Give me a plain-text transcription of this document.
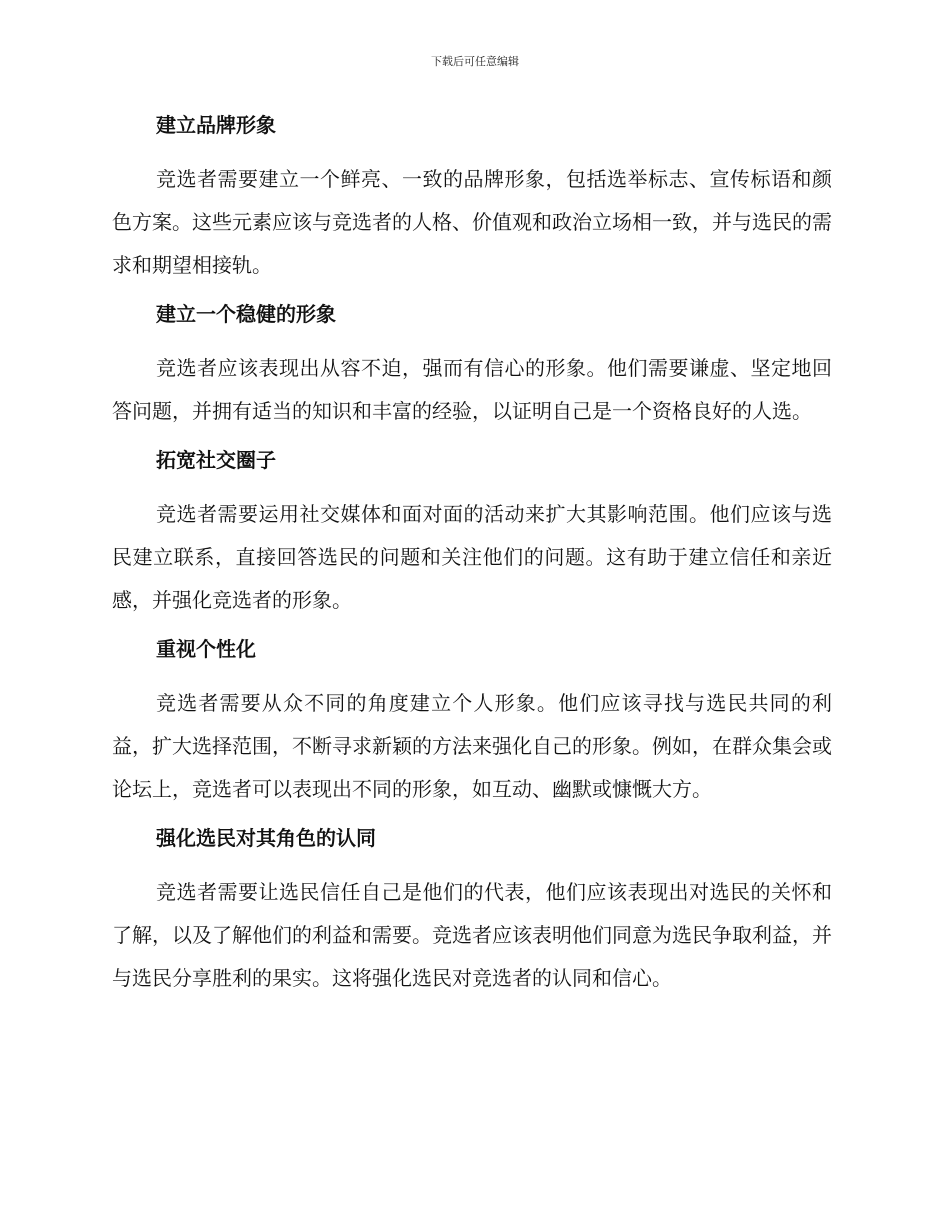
下载后可任意编辑
建立品牌形象

竞选者需要建立一个鲜亮、一致的品牌形象，包括选举标志、宣传标语和颜色方案。这些元素应该与竞选者的人格、价值观和政治立场相一致，并与选民的需求和期望相接轨。

建立一个稳健的形象

竞选者应该表现出从容不迫，强而有信心的形象。他们需要谦虚、坚定地回答问题，并拥有适当的知识和丰富的经验，以证明自己是一个资格良好的人选。

拓宽社交圈子

竞选者需要运用社交媒体和面对面的活动来扩大其影响范围。他们应该与选民建立联系，直接回答选民的问题和关注他们的问题。这有助于建立信任和亲近感，并强化竞选者的形象。

重视个性化

竞选者需要从众不同的角度建立个人形象。他们应该寻找与选民共同的利益，扩大选择范围，不断寻求新颖的方法来强化自己的形象。例如，在群众集会或论坛上，竞选者可以表现出不同的形象，如互动、幽默或慷慨大方。

强化选民对其角色的认同

竞选者需要让选民信任自己是他们的代表，他们应该表现出对选民的关怀和了解，以及了解他们的利益和需要。竞选者应该表明他们同意为选民争取利益，并与选民分享胜利的果实。这将强化选民对竞选者的认同和信心。
